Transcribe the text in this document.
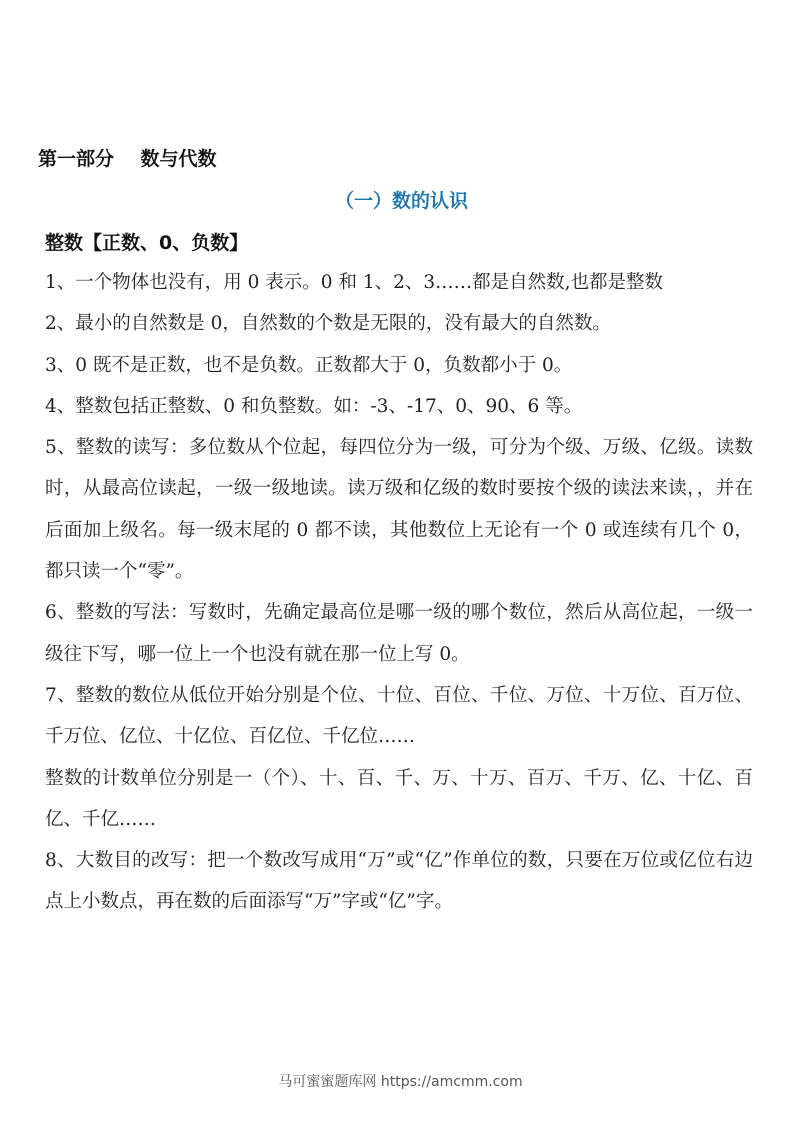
第一部分    数与代数
（一）数的认识
整数【正数、0、负数】

1、一个物体也没有，用 0 表示。0 和 1、2、3……都是自然数,也都是整数

2、最小的自然数是 0，自然数的个数是无限的，没有最大的自然数。

3、0 既不是正数，也不是负数。正数都大于 0，负数都小于 0。

4、整数包括正整数、0 和负整数。如：-3、-17、0、90、6 等。

5、整数的读写：多位数从个位起，每四位分为一级，可分为个级、万级、亿级。读数时，从最高位读起，一级一级地读。读万级和亿级的数时要按个级的读法来读，，并在后面加上级名。每一级末尾的 0 都不读，其他数位上无论有一个 0 或连续有几个 0，都只读一个“零”。

6、整数的写法：写数时，先确定最高位是哪一级的哪个数位，然后从高位起，一级一级往下写，哪一位上一个也没有就在那一位上写 0。

7、整数的数位从低位开始分别是个位、十位、百位、千位、万位、十万位、百万位、千万位、亿位、十亿位、百亿位、千亿位……

整数的计数单位分别是一（个）、十、百、千、万、十万、百万、千万、亿、十亿、百亿、千亿……

8、大数目的改写：把一个数改写成用“万”或“亿”作单位的数，只要在万位或亿位右边点上小数点，再在数的后面添写“万”字或“亿”字。

马可蜜蜜题库网 https://amcmm.com
